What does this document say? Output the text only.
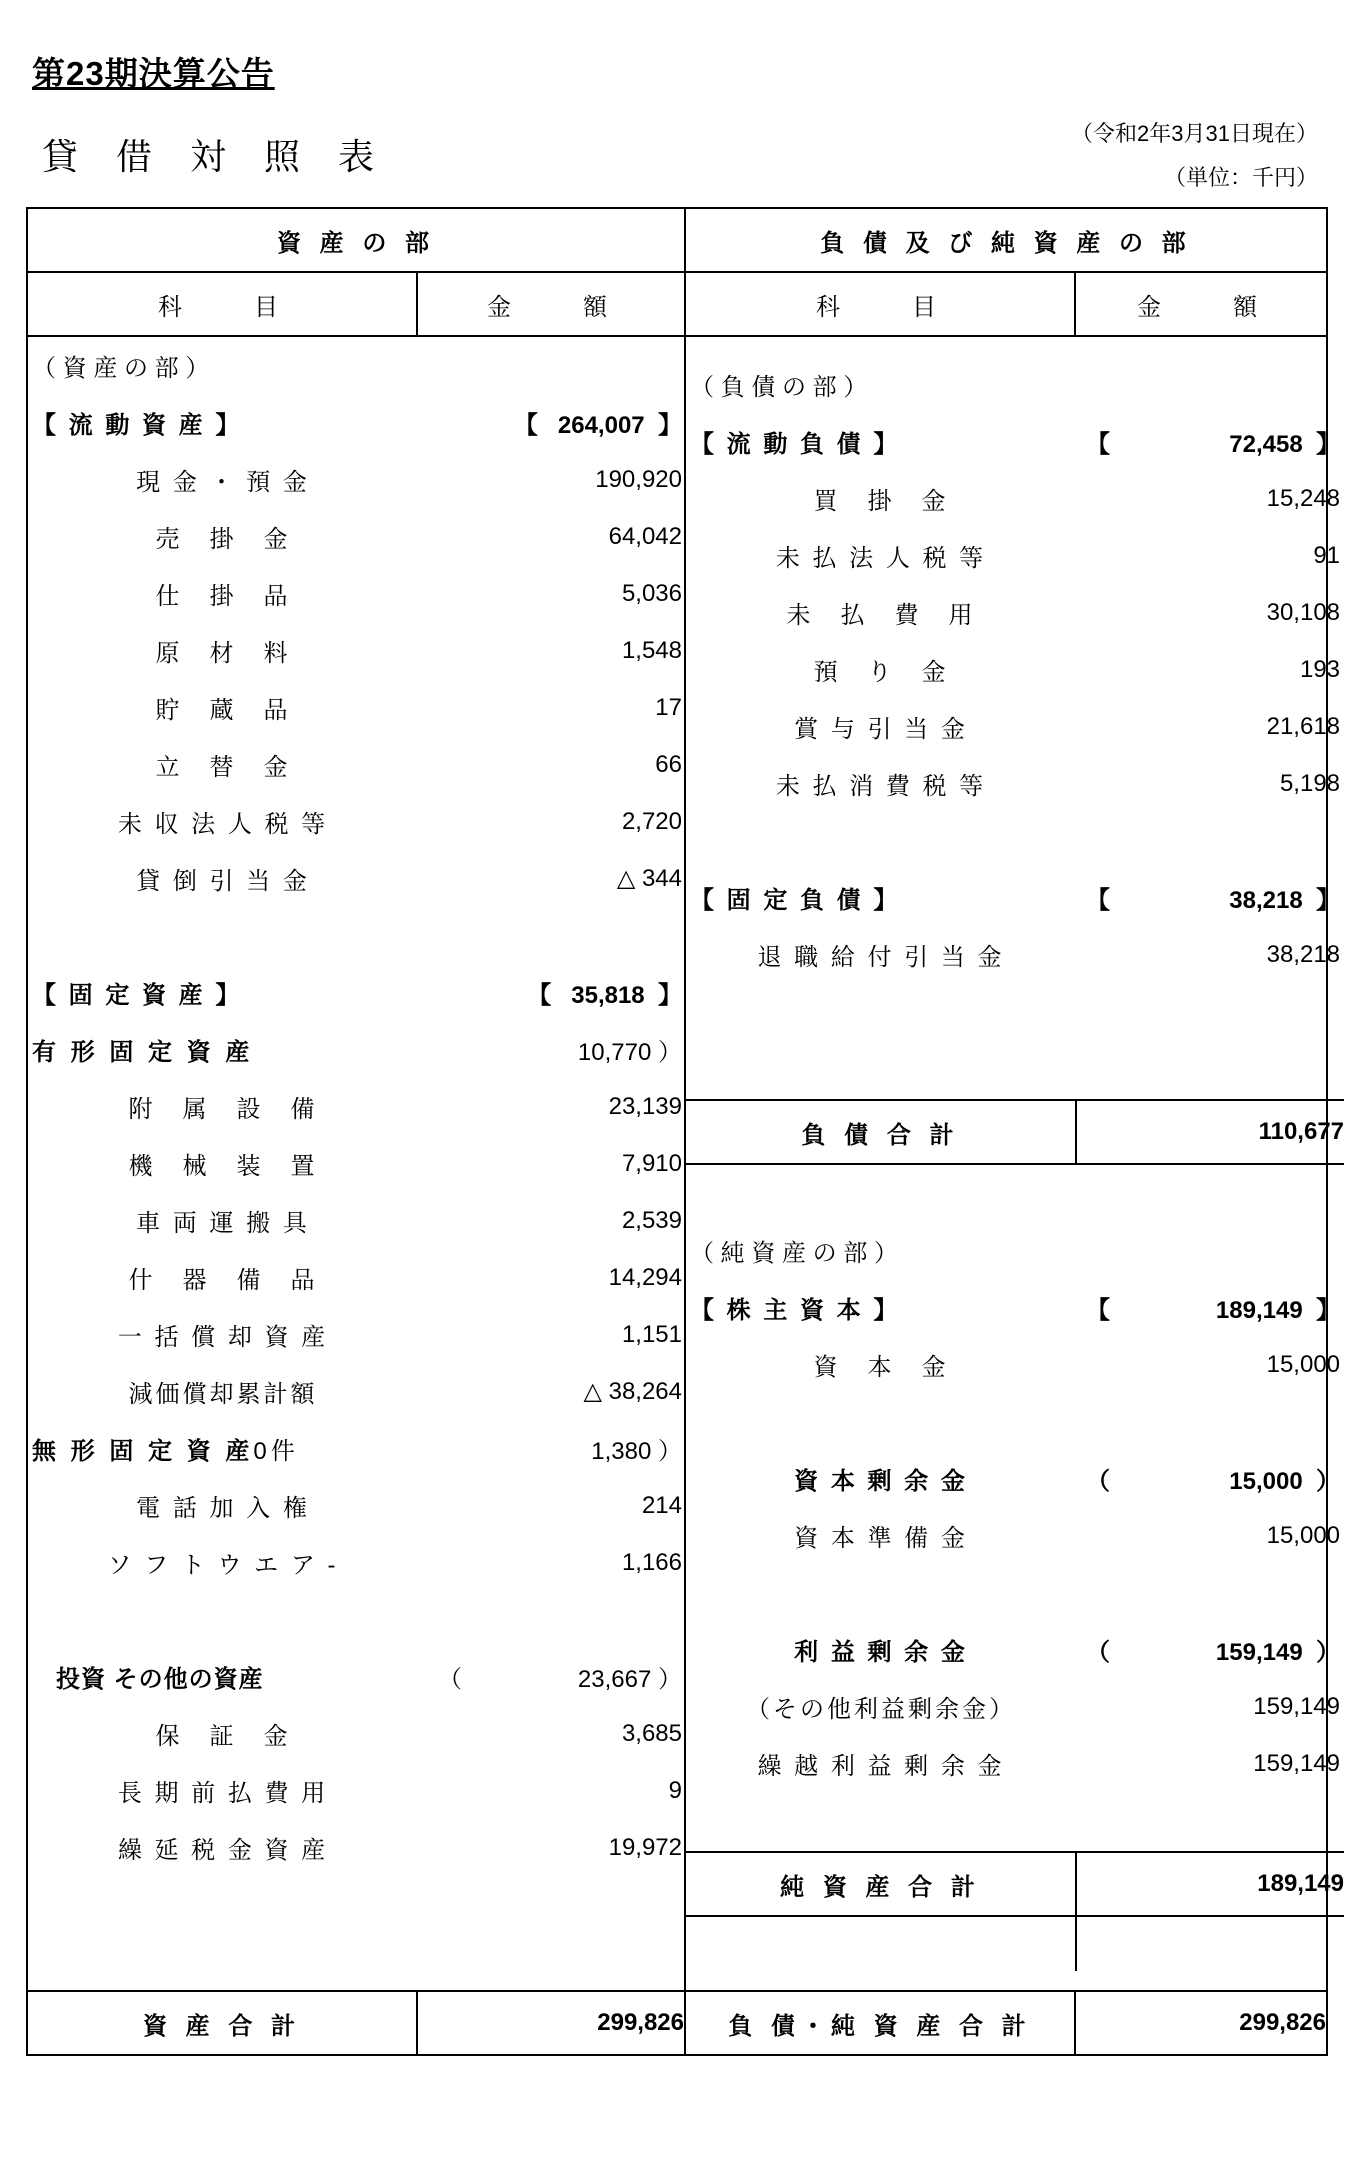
第23期決算公告
貸 借 対 照 表
（令和2年3月31日現在）
（単位：千円）
資 産 の 部	負 債 及 び 純 資 産 の 部
科　　目	金　　額	科　　目	金　　額

（ 資 産 の 部 ）	
【 流 動 資 産 】	【 264,007 】
現 金 ・ 預 金	190,920
売　掛　金	64,042
仕　掛　品	5,036
原　材　料	1,548
貯　蔵　品	17
立　替　金	66
未 収 法 人 税 等	2,720
貸 倒 引 当 金	△ 344

【 固 定 資 産 】	【 35,818 】
有 形 固 定 資 産	10,770 ）
附　属　設　備	23,139
機　械　装　置	7,910
車 両 運 搬 具	2,539
什　器　備　品	14,294
一 括 償 却 資 産	1,151
減価償却累計額	△ 38,264
無 形 固 定 資 産0件	1,380 ）
電 話 加 入 権	214
ソ フ ト ウ エ ア -	1,166

投資 その他の資産	（	23,667 ）
保　証　金	3,685
長 期 前 払 費 用	9
繰 延 税 金 資 産	19,972

（ 負 債 の 部 ）	
【 流 動 負 債 】	【	72,458 】
買　掛　金	15,248
未 払 法 人 税 等	91
未　払　費　用	30,108
預　り　金	193
賞 与 引 当 金	21,618
未 払 消 費 税 等	5,198

【 固 定 負 債 】	【	38,218 】
退 職 給 付 引 当 金	38,218

負 債 合 計	110,677

（ 純 資 産 の 部 ）	
【 株 主 資 本 】	【	189,149 】
資　本　金	15,000

資 本 剰 余 金	（	15,000 ）
資 本 準 備 金	15,000

利 益 剰 余 金	（	159,149 ）
（その他利益剰余金）	159,149
繰 越 利 益 剰 余 金	159,149

純 資 産 合 計	189,149

資 産 合 計	299,826	負 債・純 資 産 合 計	299,826
